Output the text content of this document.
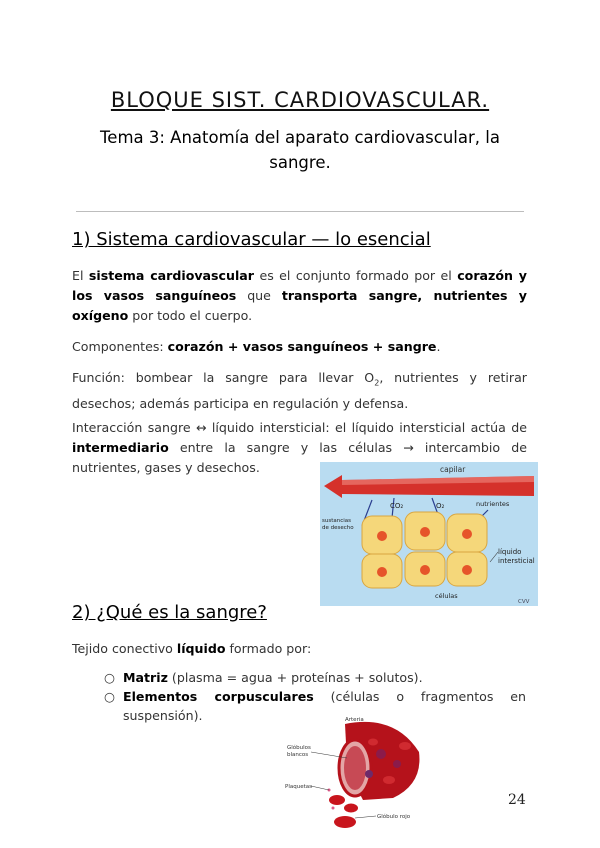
BLOQUE SIST. CARDIOVASCULAR.
Tema 3: Anatomía del aparato cardiovascular, la sangre.
1) Sistema cardiovascular — lo esencial

El sistema cardiovascular es el conjunto formado por el corazón y los vasos sanguíneos que transporta sangre, nutrientes y oxígeno por todo el cuerpo.

Componentes: corazón + vasos sanguíneos + sangre.

Función: bombear la sangre para llevar $O_2$, nutrientes y retirar desechos; además participa en regulación y defensa.

Interacción sangre ↔ líquido intersticial: el líquido intersticial actúa de intermediario entre la sangre y las células → intercambio de nutrientes, gases y desechos.	capilar
CO₂	O₂	nutrientes
sustancias
de desecho
líquido
intersticial
células
CVV
2) ¿Qué es la sangre?

Tejido conectivo líquido formado por:

○ Matriz (plasma = agua + proteínas + solutos).
○ Elementos corpusculares (células o fragmentos en suspensión).	Arteria
Glóbulos
blancos
Plaquetas
Glóbulo rojo
24
